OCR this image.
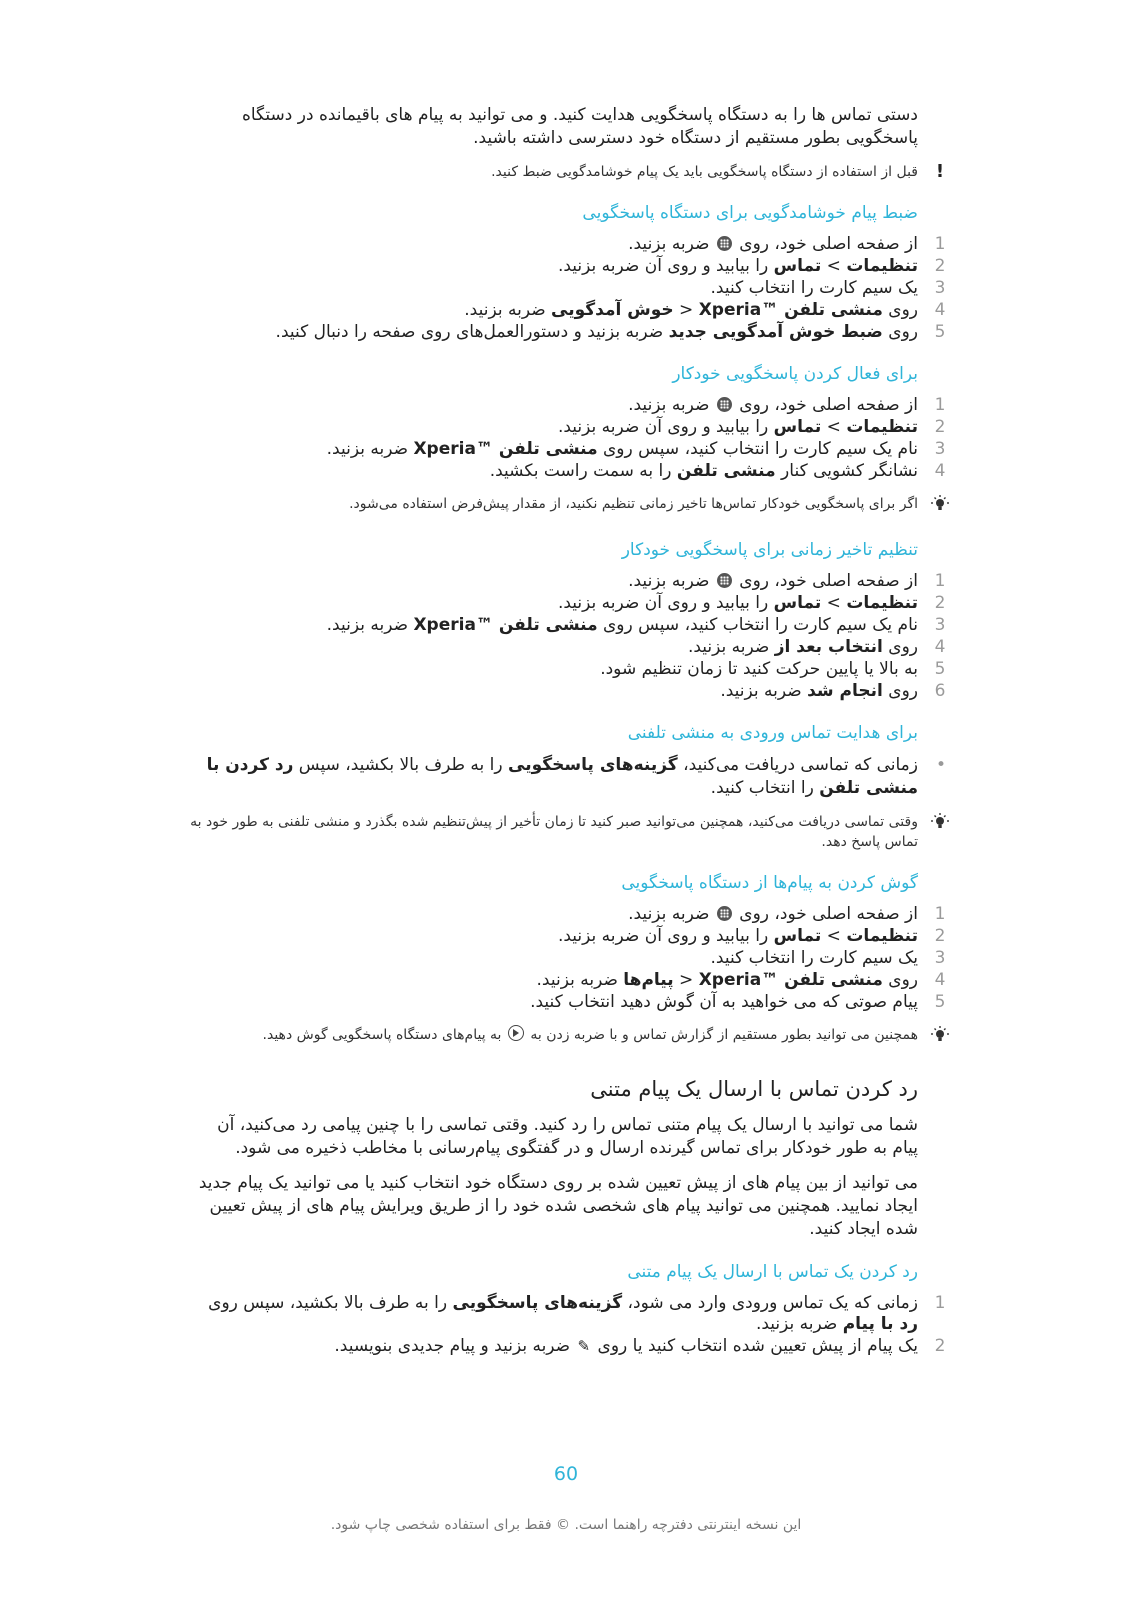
دستی تماس ها را به دستگاه پاسخگویی هدایت کنید. و می توانید به پیام های باقیمانده در دستگاه پاسخگویی بطور مستقیم از دستگاه خود دسترسی داشته باشید.

!
قبل از استفاده از دستگاه پاسخگویی باید یک پیام خوشامدگویی ضبط کنید.
ضبط پیام خوشامدگویی برای دستگاه پاسخگویی
1
از صفحه اصلی خود، روی  ضربه بزنید.
2
تنظیمات > تماس را بیابید و روی آن ضربه بزنید.
3
یک سیم کارت را انتخاب کنید.
4
روی منشی تلفن ™Xperia < خوش آمدگویی ضربه بزنید.
5
روی ضبط خوش آمدگویی جدید ضربه بزنید و دستورالعمل‌های روی صفحه را دنبال کنید.
برای فعال کردن پاسخگویی خودکار
1
از صفحه اصلی خود، روی  ضربه بزنید.
2
تنظیمات > تماس را بیابید و روی آن ضربه بزنید.
3
نام یک سیم کارت را انتخاب کنید، سپس روی منشی تلفن ™Xperia ضربه بزنید.
4
نشانگر کشویی کنار منشی تلفن را به سمت راست بکشید.
اگر برای پاسخگویی خودکار تماس‌ها تاخیر زمانی تنظیم نکنید، از مقدار پیش‌فرض استفاده می‌شود.
تنظیم تاخیر زمانی برای پاسخگویی خودکار
1
از صفحه اصلی خود، روی  ضربه بزنید.
2
تنظیمات > تماس را بیابید و روی آن ضربه بزنید.
3
نام یک سیم کارت را انتخاب کنید، سپس روی منشی تلفن ™Xperia ضربه بزنید.
4
روی انتخاب بعد از ضربه بزنید.
5
به بالا یا پایین حرکت کنید تا زمان تنظیم شود.
6
روی انجام شد ضربه بزنید.
برای هدایت تماس ورودی به منشی تلفنی
•
زمانی که تماسی دریافت می‌کنید، گزینه‌های پاسخگویی را به طرف بالا بکشید، سپس رد کردن با منشی تلفن را انتخاب کنید.
وقتی تماسی دریافت می‌کنید، همچنین می‌توانید صبر کنید تا زمان تأخیر از پیش‌تنظیم شده بگذرد و منشی تلفنی به طور خود به تماس پاسخ دهد.
گوش کردن به پیام‌ها از دستگاه پاسخگویی
1
از صفحه اصلی خود، روی  ضربه بزنید.
2
تنظیمات > تماس را بیابید و روی آن ضربه بزنید.
3
یک سیم کارت را انتخاب کنید.
4
روی منشی تلفن ™Xperia < پیام‌ها ضربه بزنید.
5
پیام صوتی که می خواهید به آن گوش دهید انتخاب کنید.
همچنین می توانید بطور مستقیم از گزارش تماس و با ضربه زدن به  به پیام‌های دستگاه پاسخگویی گوش دهید.
رد کردن تماس با ارسال یک پیام متنی

شما می توانید با ارسال یک پیام متنی تماس را رد کنید. وقتی تماسی را با چنین پیامی رد می‌کنید، آن پیام به طور خودکار برای تماس گیرنده ارسال و در گفتگوی پیام‌رسانی با مخاطب ذخیره می شود.

می توانید از بین پیام های از پیش تعیین شده بر روی دستگاه خود انتخاب کنید یا می توانید یک پیام جدید ایجاد نمایید. همچنین می توانید پیام های شخصی شده خود را از طریق ویرایش پیام های از پیش تعیین شده ایجاد کنید.

رد کردن یک تماس با ارسال یک پیام متنی
1
زمانی که یک تماس ورودی وارد می شود، گزینه‌های پاسخگویی را به طرف بالا بکشید، سپس روی رد با پیام ضربه بزنید.
2
یک پیام از پیش تعیین شده انتخاب کنید یا روی ✎ ضربه بزنید و پیام جدیدی بنویسید.
60
این نسخه اینترنتی دفترچه راهنما است. © فقط برای استفاده شخصی چاپ شود.
